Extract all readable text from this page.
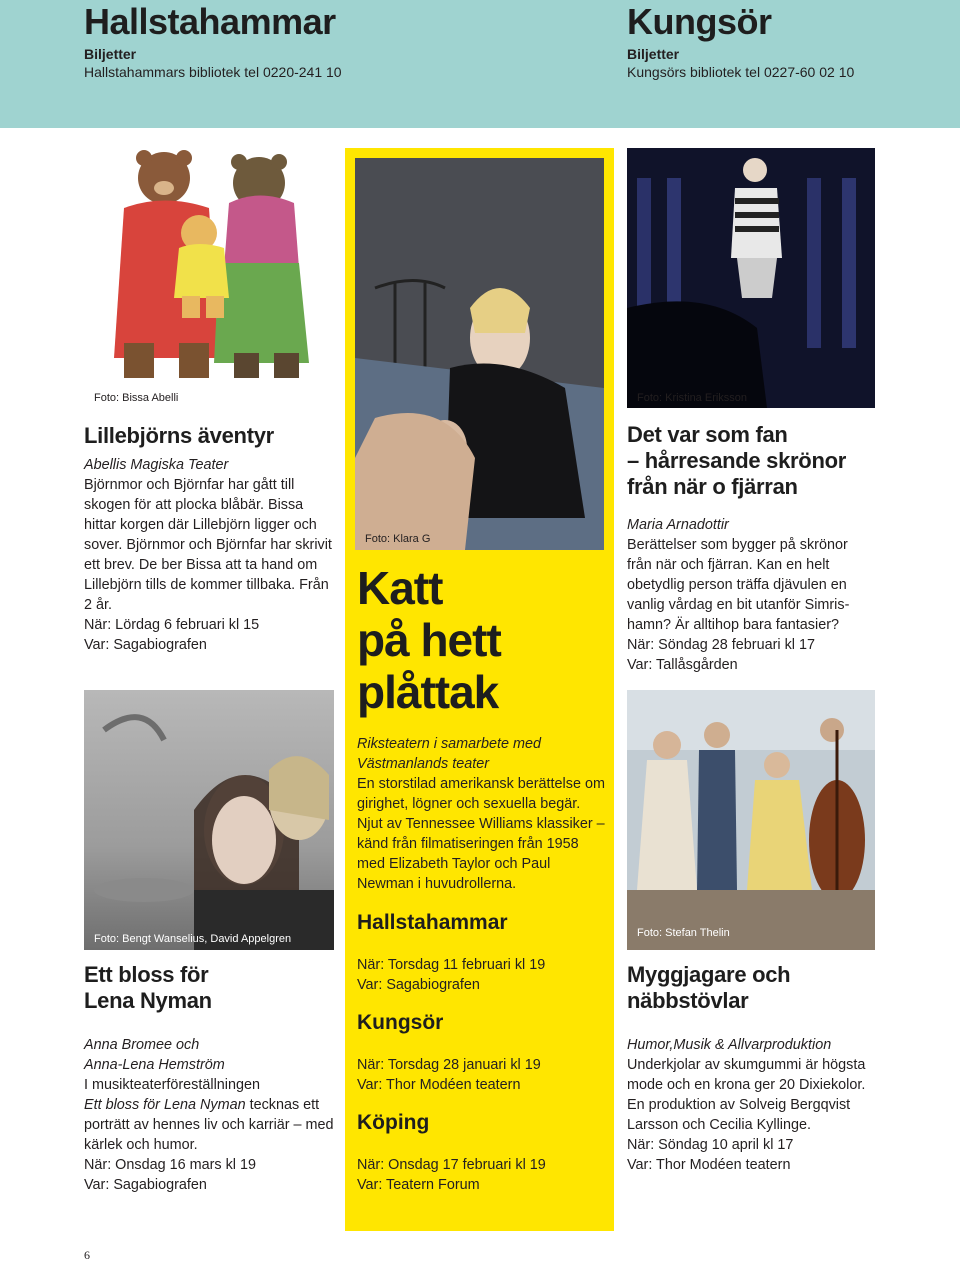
Hallstahammar
Biljetter
Hallstahammars bibliotek tel 0220-241 10
Kungsör
Biljetter
Kungsörs bibliotek tel 0227-60 02 10
Foto: Bissa Abelli
Lillebjörns äventyr

Abellis Magiska Teater

Björnmor och Björnfar har gått till skogen för att plocka blåbär. Bissa hittar korgen där Lillebjörn ligger och sover. Björnmor och Björnfar har skrivit ett brev. De ber Bissa att ta hand om Lillebjörn tills de kommer tillbaka. Från 2 år.

När: Lördag 6 februari kl 15

Var: Sagabiografen

Foto: Bengt Wanselius, David Appelgren
Ett bloss för
Lena Nyman

Anna Bromee och

Anna-Lena Hemström

I musikteaterföreställningen

Ett bloss för Lena Nyman tecknas ett porträtt av hennes liv och karriär – med kärlek och humor.

När: Onsdag 16 mars kl 19

Var: Sagabiografen

Foto: Klara G
Katt
på hett
plåttak

Riksteatern i samarbete med Västmanlands teater

En storstilad amerikansk berättelse om girighet, lögner och sexuella begär. Njut av Tennessee Williams klassiker – känd från filmatiseringen från 1958 med Elizabeth Taylor och Paul Newman i huvudrollerna.

Hallstahammar

När: Torsdag 11 februari kl 19

Var: Sagabiografen

Kungsör

När: Torsdag 28 januari kl 19

Var: Thor Modéen teatern

Köping

När: Onsdag 17 februari kl 19

Var: Teatern Forum

Foto: Kristina Eriksson
Det var som fan
– hårresande skrönor
från när o fjärran

Maria Arnadottir

Berättelser som bygger på skrönor från när och fjärran. Kan en helt obetydlig person träffa djävulen en vanlig vårdag en bit utanför Simris-hamn? Är alltihop bara fantasier?

När: Söndag 28 februari kl 17

Var: Tallåsgården

Foto: Stefan Thelin
Myggjagare och
näbbstövlar

Humor,Musik & Allvarproduktion

Underkjolar av skumgummi är högsta mode och en krona ger 20 Dixiekolor. En produktion av Solveig Bergqvist Larsson och Cecilia Kyllinge.

När: Söndag 10 april kl 17

Var: Thor Modéen teatern

6
